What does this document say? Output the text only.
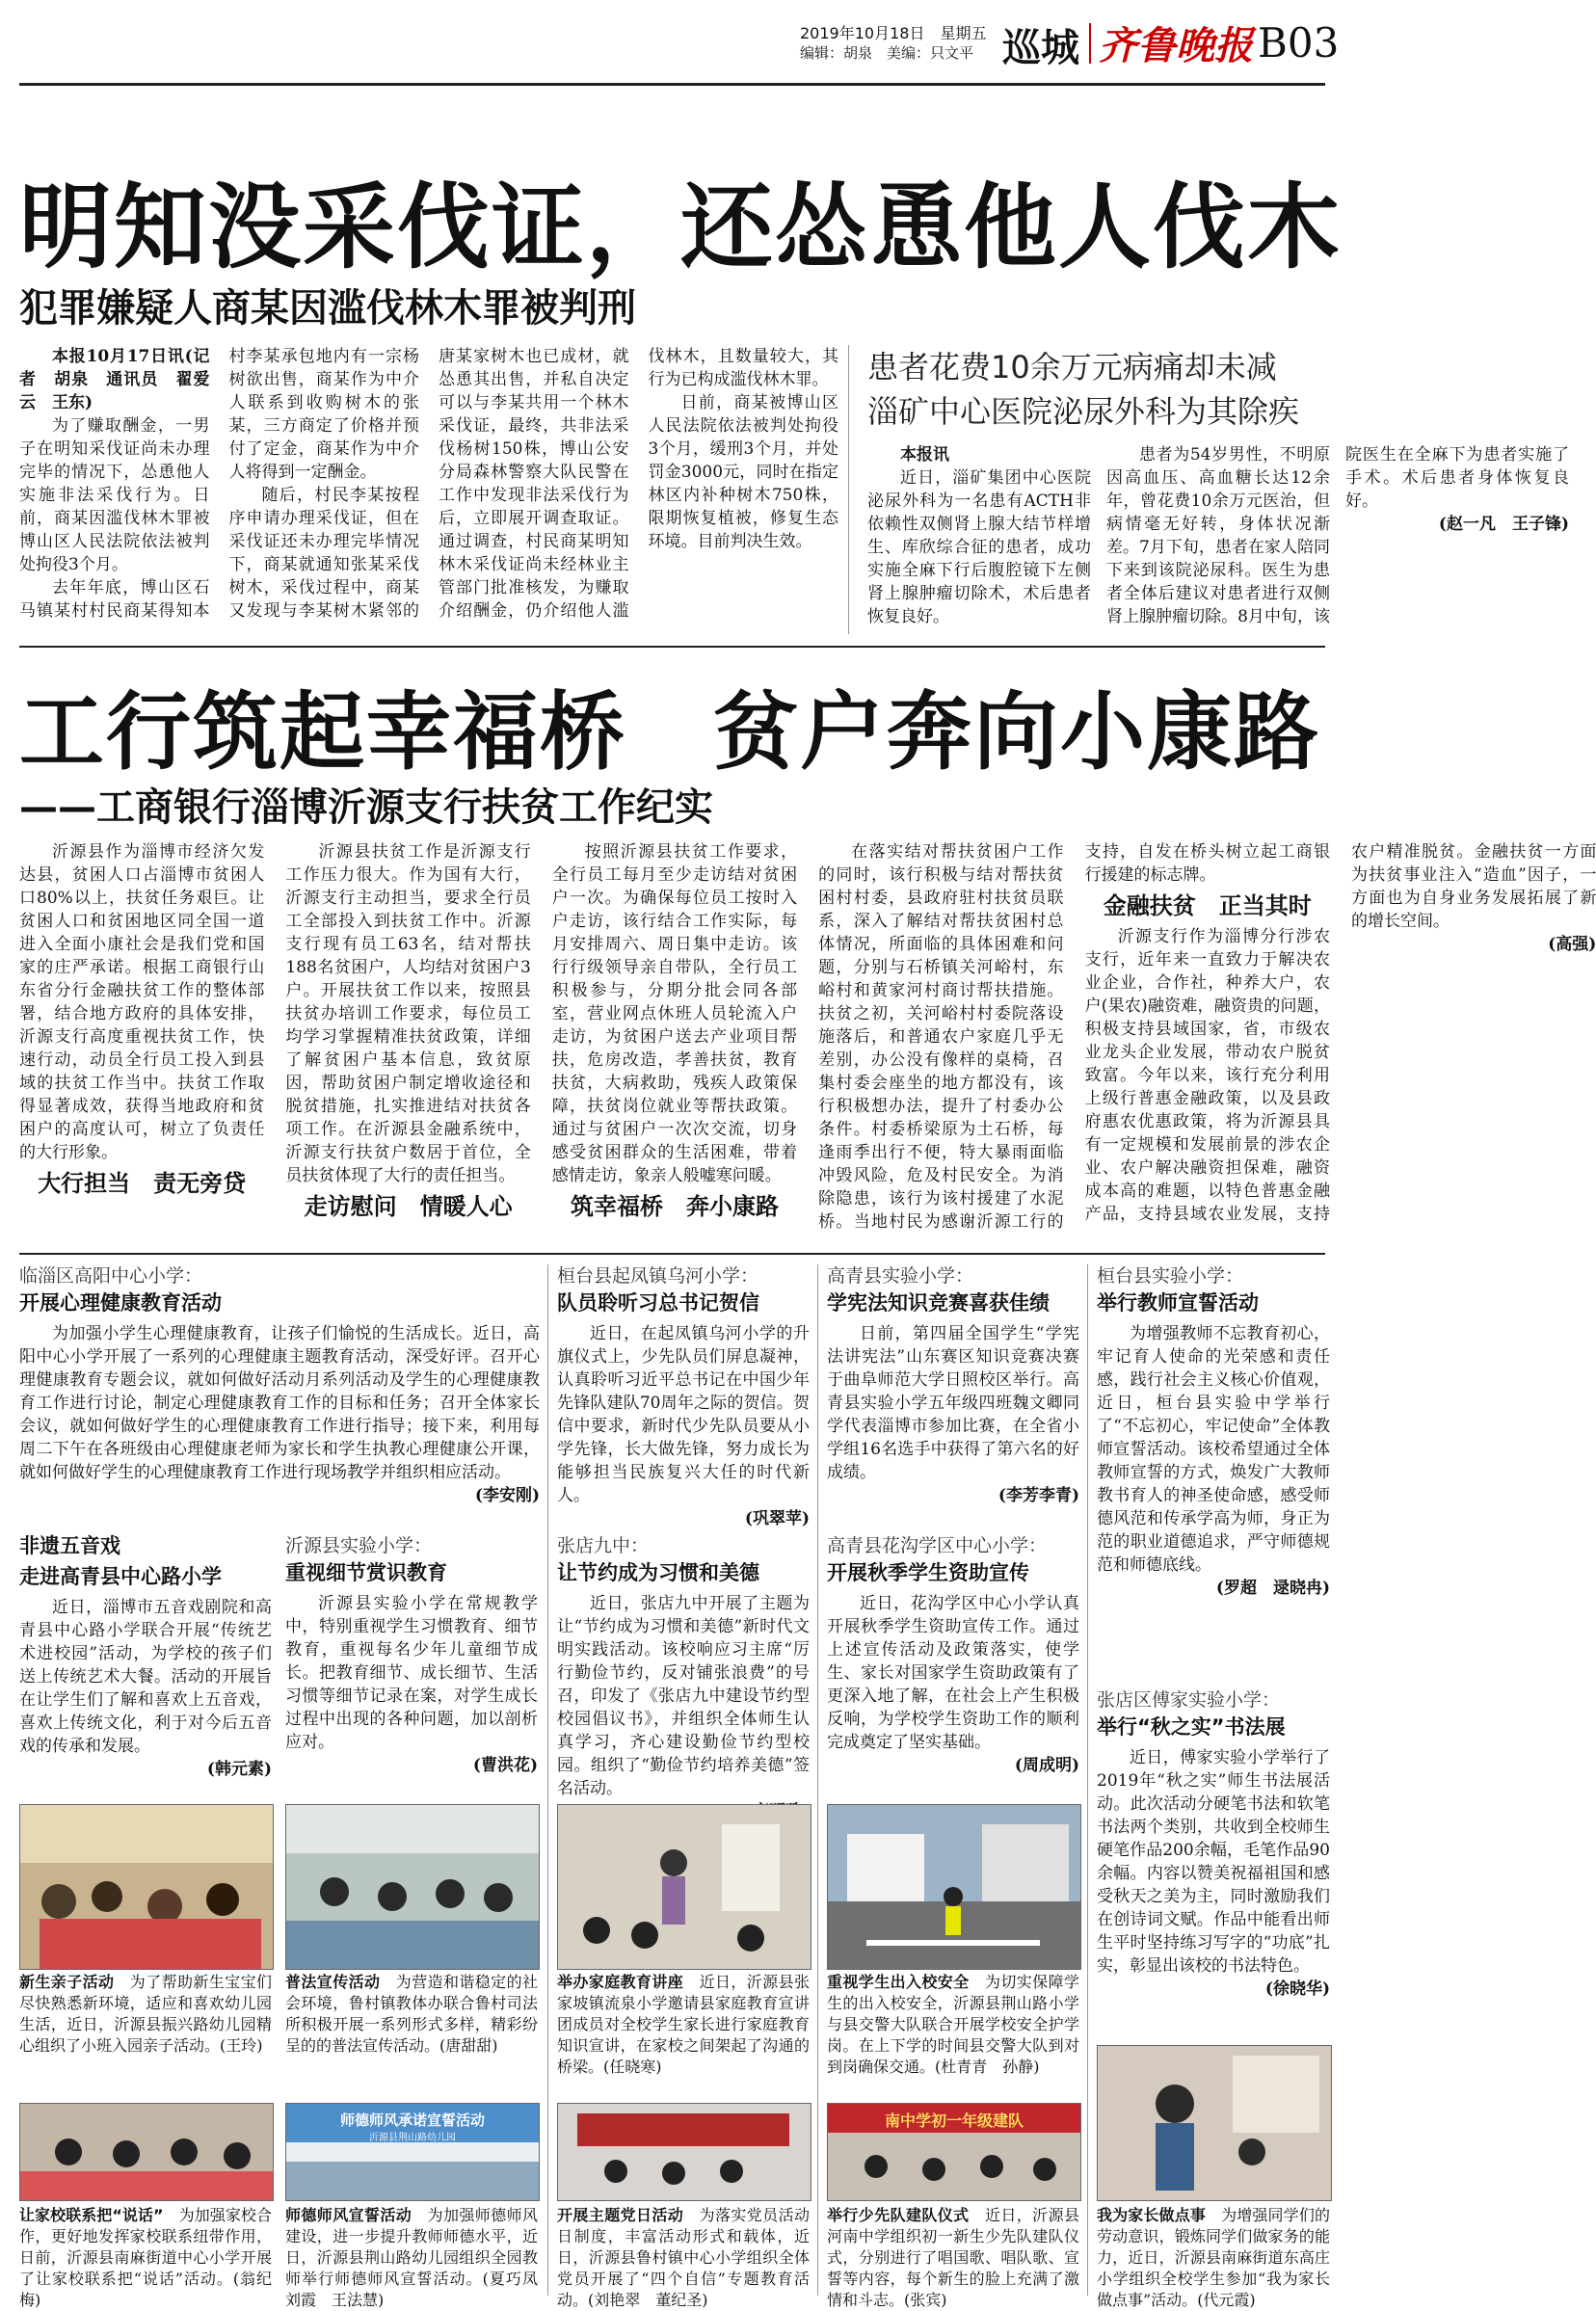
2019年10月18日　星期五
编辑：胡泉　美编：只文平 巡城 齐鲁晚报 B03
明知没采伐证，还怂恿他人伐木
犯罪嫌疑人商某因滥伐林木罪被判刑

本报10月17日讯(记者　胡泉　通讯员　翟爱云　王东)

为了赚取酬金，一男子在明知采伐证尚未办理完毕的情况下，怂恿他人实施非法采伐行为。日前，商某因滥伐林木罪被博山区人民法院依法被判处拘役3个月。

去年年底，博山区石马镇某村村民商某得知本村李某承包地内有一宗杨树欲出售，商某作为中介人联系到收购树木的张某，三方商定了价格并预付了定金，商某作为中介人将得到一定酬金。

随后，村民李某按程序申请办理采伐证，但在采伐证还未办理完毕情况下，商某就通知张某采伐树木，采伐过程中，商某又发现与李某树木紧邻的唐某家树木也已成材，就怂恿其出售，并私自决定可以与李某共用一个林木采伐证，最终，共非法采伐杨树150株，博山公安分局森林警察大队民警在工作中发现非法采伐行为后，立即展开调查取证。通过调查，村民商某明知林木采伐证尚未经林业主管部门批准核发，为赚取介绍酬金，仍介绍他人滥伐林木，且数量较大，其行为已构成滥伐林木罪。

日前，商某被博山区人民法院依法被判处拘役3个月，缓刑3个月，并处罚金3000元，同时在指定林区内补种树木750株，限期恢复植被，修复生态环境。目前判决生效。

患者花费10余万元病痛却未减　淄矿中心医院泌尿外科为其除疾

本报讯

近日，淄矿集团中心医院泌尿外科为一名患有ACTH非依赖性双侧肾上腺大结节样增生、库欣综合征的患者，成功实施全麻下行后腹腔镜下左侧肾上腺肿瘤切除术，术后患者恢复良好。

患者为54岁男性，不明原因高血压、高血糖长达12余年，曾花费10余万元医治，但病情毫无好转，身体状况渐差。7月下旬，患者在家人陪同下来到该院泌尿科。医生为患者全体后建议对患者进行双侧肾上腺肿瘤切除。8月中旬，该院医生在全麻下为患者实施了手术。术后患者身体恢复良好。

(赵一凡　王子锋)
工行筑起幸福桥　贫户奔向小康路
——工商银行淄博沂源支行扶贫工作纪实

沂源县作为淄博市经济欠发达县，贫困人口占淄博市贫困人口80%以上，扶贫任务艰巨。让贫困人口和贫困地区同全国一道进入全面小康社会是我们党和国家的庄严承诺。根据工商银行山东省分行金融扶贫工作的整体部署，结合地方政府的具体安排，沂源支行高度重视扶贫工作，快速行动，动员全行员工投入到县域的扶贫工作当中。扶贫工作取得显著成效，获得当地政府和贫困户的高度认可，树立了负责任的大行形象。

大行担当　责无旁贷

沂源县扶贫工作是沂源支行工作压力很大。作为国有大行，沂源支行主动担当，要求全行员工全部投入到扶贫工作中。沂源支行现有员工63名，结对帮扶188名贫困户，人均结对贫困户3户。开展扶贫工作以来，按照县扶贫办培训工作要求，每位员工均学习掌握精准扶贫政策，详细了解贫困户基本信息，致贫原因，帮助贫困户制定增收途径和脱贫措施，扎实推进结对扶贫各项工作。在沂源县金融系统中，沂源支行扶贫户数居于首位，全员扶贫体现了大行的责任担当。

走访慰问　情暖人心

按照沂源县扶贫工作要求，全行员工每月至少走访结对贫困户一次。为确保每位员工按时入户走访，该行结合工作实际，每月安排周六、周日集中走访。该行行级领导亲自带队，全行员工积极参与，分期分批会同各部室，营业网点休班人员轮流入户走访，为贫困户送去产业项目帮扶，危房改造，孝善扶贫，教育扶贫，大病救助，残疾人政策保障，扶贫岗位就业等帮扶政策。通过与贫困户一次次交流，切身感受贫困群众的生活困难，带着感情走访，象亲人般嘘寒问暖。

筑幸福桥　奔小康路

在落实结对帮扶贫困户工作的同时，该行积极与结对帮扶贫困村村委，县政府驻村扶贫员联系，深入了解结对帮扶贫困村总体情况，所面临的具体困难和问题，分别与石桥镇关河峪村，东峪村和黄家河村商讨帮扶措施。扶贫之初，关河峪村村委院落设施落后，和普通农户家庭几乎无差别，办公没有像样的桌椅，召集村委会座坐的地方都没有，该行积极想办法，提升了村委办公条件。村委桥梁原为土石桥，每逢雨季出行不便，特大暴雨面临冲毁风险，危及村民安全。为消除隐患，该行为该村援建了水泥桥。当地村民为感谢沂源工行的支持，自发在桥头树立起工商银行援建的标志牌。

金融扶贫　正当其时

沂源支行作为淄博分行涉农支行，近年来一直致力于解决农业企业，合作社，种养大户，农户(果农)融资难，融资贵的问题，积极支持县域国家，省，市级农业龙头企业发展，带动农户脱贫致富。今年以来，该行充分利用上级行普惠金融政策，以及县政府惠农优惠政策，将为沂源县具有一定规模和发展前景的涉农企业、农户解决融资担保难，融资成本高的难题，以特色普惠金融产品，支持县域农业发展，支持农户精准脱贫。金融扶贫一方面为扶贫事业注入“造血”因子，一方面也为自身业务发展拓展了新的增长空间。

(高强)
临淄区高阳中心小学：
开展心理健康教育活动

为加强小学生心理健康教育，让孩子们愉悦的生活成长。近日，高阳中心小学开展了一系列的心理健康主题教育活动，深受好评。召开心理健康教育专题会议，就如何做好活动月系列活动及学生的心理健康教育工作进行讨论，制定心理健康教育工作的目标和任务；召开全体家长会议，就如何做好学生的心理健康教育工作进行指导；接下来，利用每周二下午在各班级由心理健康老师为家长和学生执教心理健康公开课，就如何做好学生的心理健康教育工作进行现场教学并组织相应活动。

(李安刚)
桓台县起凤镇乌河小学：
队员聆听习总书记贺信

近日，在起凤镇乌河小学的升旗仪式上，少先队员们屏息凝神，认真聆听习近平总书记在中国少年先锋队建队70周年之际的贺信。贺信中要求，新时代少先队员要从小学先锋，长大做先锋，努力成长为能够担当民族复兴大任的时代新人。

(巩翠苹)
高青县实验小学：
学宪法知识竞赛喜获佳绩

日前，第四届全国学生“学宪法讲宪法”山东赛区知识竞赛决赛于曲阜师范大学日照校区举行。高青县实验小学五年级四班魏文卿同学代表淄博市参加比赛，在全省小学组16名选手中获得了第六名的好成绩。

(李芳李青)
桓台县实验小学：
举行教师宣誓活动

为增强教师不忘教育初心，牢记育人使命的光荣感和责任感，践行社会主义核心价值观，近日，桓台县实验中学举行了“不忘初心，牢记使命”全体教师宣誓活动。该校希望通过全体教师宣誓的方式，焕发广大教师教书育人的神圣使命感，感受师德风范和传承学高为师，身正为范的职业道德追求，严守师德规范和师德底线。

(罗超　逯晓冉)
非遗五音戏
走进高青县中心路小学

近日，淄博市五音戏剧院和高青县中心路小学联合开展“传统艺术进校园”活动，为学校的孩子们送上传统艺术大餐。活动的开展旨在让学生们了解和喜欢上五音戏，喜欢上传统文化，利于对今后五音戏的传承和发展。

(韩元素)
沂源县实验小学：
重视细节赏识教育

沂源县实验小学在常规教学中，特别重视学生习惯教育、细节教育，重视每名少年儿童细节成长。把教育细节、成长细节、生活习惯等细节记录在案，对学生成长过程中出现的各种问题，加以剖析应对。

(曹洪花)
张店九中：
让节约成为习惯和美德

近日，张店九中开展了主题为让“节约成为习惯和美德”新时代文明实践活动。该校响应习主席“厉行勤俭节约，反对铺张浪费”的号召，印发了《张店九中建设节约型校园倡议书》，并组织全体师生认真学习，齐心建设勤俭节约型校园。组织了“勤俭节约培养美德”签名活动。

高青县花沟学区中心小学：
开展秋季学生资助宣传

近日，花沟学区中心小学认真开展秋季学生资助宣传工作。通过上述宣传活动及政策落实，使学生、家长对国家学生资助政策有了更深入地了解，在社会上产生积极反响，为学校学生资助工作的顺利完成奠定了坚实基础。

(周成明)
张店区傅家实验小学：
举行“秋之实”书法展

近日，傅家实验小学举行了2019年“秋之实”师生书法展活动。此次活动分硬笔书法和软笔书法两个类别，共收到全校师生硬笔作品200余幅，毛笔作品90余幅。内容以赞美祝福祖国和感受秋天之美为主，同时激励我们在创诗词文赋。作品中能看出师生平时坚持练习写字的“功底”扎实，彰显出该校的书法特色。

(徐晓华)
新生亲子活动　 为了帮助新生宝宝们尽快熟悉新环境，适应和喜欢幼儿园生活，近日，沂源县振兴路幼儿园精心组织了小班入园亲子活动。(王玲)
普法宣传活动　 为营造和谐稳定的社会环境，鲁村镇教体办联合鲁村司法所积极开展一系列形式多样，精彩纷呈的的普法宣传活动。(唐甜甜)
举办家庭教育讲座　 近日，沂源县张家坡镇流泉小学邀请县家庭教育宣讲团成员对全校学生家长进行家庭教育知识宣讲，在家校之间架起了沟通的桥梁。(任晓寒)
重视学生出入校安全　 为切实保障学生的出入校安全，沂源县荆山路小学与县交警大队联合开展学校安全护学岗。在上下学的时间县交警大队到对到岗确保交通。(杜青青　孙静)
师德师风承诺宣誓活动
沂源县荆山路幼儿园
南中学初一年级建队
让家校联系把“说话”　 为加强家校合作，更好地发挥家校联系纽带作用，日前，沂源县南麻街道中心小学开展了让家校联系把“说话”活动。(翁纪梅)
师德师风宣誓活动　 为加强师德师风建设，进一步提升教师师德水平，近日，沂源县荆山路幼儿园组织全园教师举行师德师风宣誓活动。(夏巧凤　刘霞　王法慧)
开展主题党日活动　 为落实党员活动日制度，丰富活动形式和载体，近日，沂源县鲁村镇中心小学组织全体党员开展了“四个自信”专题教育活动。(刘艳翠　董纪圣)
举行少先队建队仪式　 近日，沂源县河南中学组织初一新生少先队建队仪式，分别进行了唱国歌、唱队歌、宣誓等内容，每个新生的脸上充满了激情和斗志。(张宾)
我为家长做点事　 为增强同学们的劳动意识，锻炼同学们做家务的能力，近日，沂源县南麻街道东高庄小学组织全校学生参加“我为家长做点事”活动。(代元霞)
